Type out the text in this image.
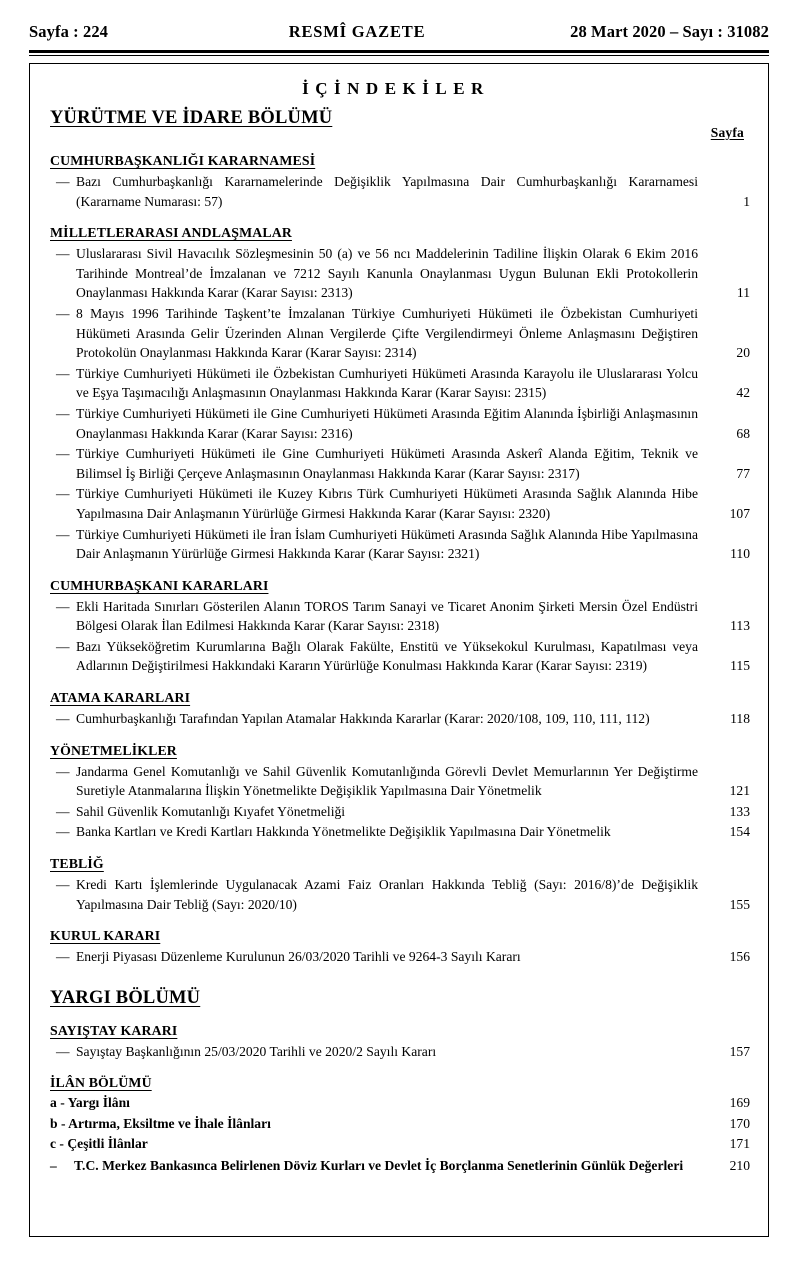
Sayfa : 224	RESMÎ GAZETE	28 Mart 2020 – Sayı : 31082
İÇİNDEKİLER
YÜRÜTME VE İDARE BÖLÜMÜ
Sayfa
CUMHURBAŞKANLIĞI KARARNAMESİ
— Bazı Cumhurbaşkanlığı Kararnamelerinde Değişiklik Yapılmasına Dair Cumhurbaşkanlığı Kararnamesi (Kararname Numarası: 57)	1
MİLLETLERARASI ANDLAŞMALAR
— Uluslararası Sivil Havacılık Sözleşmesinin 50 (a) ve 56 ncı Maddelerinin Tadiline İlişkin Olarak 6 Ekim 2016 Tarihinde Montreal’de İmzalanan ve 7212 Sayılı Kanunla Onaylanması Uygun Bulunan Ekli Protokollerin Onaylanması Hakkında Karar (Karar Sayısı: 2313)	11
— 8 Mayıs 1996 Tarihinde Taşkent’te İmzalanan Türkiye Cumhuriyeti Hükümeti ile Özbekistan Cumhuriyeti Hükümeti Arasında Gelir Üzerinden Alınan Vergilerde Çifte Vergilendirmeyi Önleme Anlaşmasını Değiştiren Protokolün Onaylanması Hakkında Karar (Karar Sayısı: 2314)	20
— Türkiye Cumhuriyeti Hükümeti ile Özbekistan Cumhuriyeti Hükümeti Arasında Karayolu ile Uluslararası Yolcu ve Eşya Taşımacılığı Anlaşmasının Onaylanması Hakkında Karar (Karar Sayısı: 2315)	42
— Türkiye Cumhuriyeti Hükümeti ile Gine Cumhuriyeti Hükümeti Arasında Eğitim Alanında İşbirliği Anlaşmasının Onaylanması Hakkında Karar (Karar Sayısı: 2316)	68
— Türkiye Cumhuriyeti Hükümeti ile Gine Cumhuriyeti Hükümeti Arasında Askerî Alanda Eğitim, Teknik ve Bilimsel İş Birliği Çerçeve Anlaşmasının Onaylanması Hakkında Karar (Karar Sayısı: 2317)	77
— Türkiye Cumhuriyeti Hükümeti ile Kuzey Kıbrıs Türk Cumhuriyeti Hükümeti Arasında Sağlık Alanında Hibe Yapılmasına Dair Anlaşmanın Yürürlüğe Girmesi Hakkında Karar (Karar Sayısı: 2320)	107
— Türkiye Cumhuriyeti Hükümeti ile İran İslam Cumhuriyeti Hükümeti Arasında Sağlık Alanında Hibe Yapılmasına Dair Anlaşmanın Yürürlüğe Girmesi Hakkında Karar (Karar Sayısı: 2321)	110
CUMHURBAŞKANI KARARLARI
— Ekli Haritada Sınırları Gösterilen Alanın TOROS Tarım Sanayi ve Ticaret Anonim Şirketi Mersin Özel Endüstri Bölgesi Olarak İlan Edilmesi Hakkında Karar (Karar Sayısı: 2318)	113
— Bazı Yükseköğretim Kurumlarına Bağlı Olarak Fakülte, Enstitü ve Yüksekokul Kurulması, Kapatılması veya Adlarının Değiştirilmesi Hakkındaki Kararın Yürürlüğe Konulması Hakkında Karar (Karar Sayısı: 2319)	115
ATAMA KARARLARI
— Cumhurbaşkanlığı Tarafından Yapılan Atamalar Hakkında Kararlar (Karar: 2020/108, 109, 110, 111, 112)	118
YÖNETMELİKLER
— Jandarma Genel Komutanlığı ve Sahil Güvenlik Komutanlığında Görevli Devlet Memurlarının Yer Değiştirme Suretiyle Atanmalarına İlişkin Yönetmelikte Değişiklik Yapılmasına Dair Yönetmelik	121
— Sahil Güvenlik Komutanlığı Kıyafet Yönetmeliği	133
— Banka Kartları ve Kredi Kartları Hakkında Yönetmelikte Değişiklik Yapılmasına Dair Yönetmelik	154
TEBLİĞ
— Kredi Kartı İşlemlerinde Uygulanacak Azami Faiz Oranları Hakkında Tebliğ (Sayı: 2016/8)’de Değişiklik Yapılmasına Dair Tebliğ (Sayı: 2020/10)	155
KURUL KARARI
— Enerji Piyasası Düzenleme Kurulunun 26/03/2020 Tarihli ve 9264-3 Sayılı Kararı	156
YARGI BÖLÜMÜ
SAYIŞTAY KARARI
— Sayıştay Başkanlığının 25/03/2020 Tarihli ve 2020/2 Sayılı Kararı	157
İLÂN BÖLÜMÜ
a - Yargı İlânı	169
b - Artırma, Eksiltme ve İhale İlânları	170
c - Çeşitli İlânlar	171
–	T.C. Merkez Bankasınca Belirlenen Döviz Kurları ve Devlet İç Borçlanma Senetlerinin Günlük Değerleri	210
